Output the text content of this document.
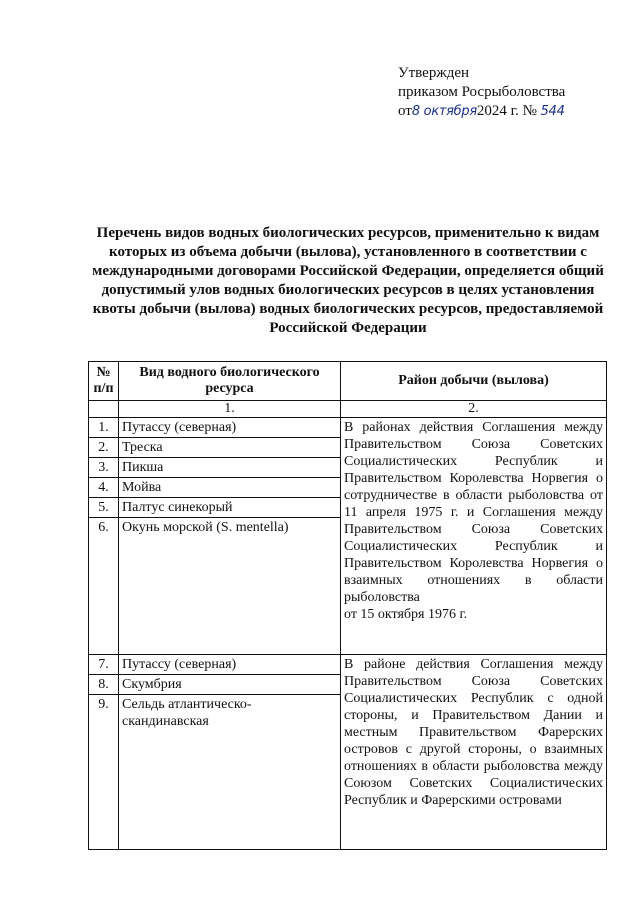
Утвержден
приказом Росрыболовства
от8 октября2024 г. № 544
Перечень видов водных биологических ресурсов, применительно к видам которых из объема добычи (вылова), установленного в соответствии с международными договорами Российской Федерации, определяется общий допустимый улов водных биологических ресурсов в целях установления квоты добычи (вылова) водных биологических ресурсов, предоставляемой Российской Федерации
№ п/п	Вид водного биологического ресурса	Район добычи (вылова)
	1.	2.
1.	Путассу (северная)	В районах действия Соглашения между Правительством Союза Советских Социалистических Республик и Правительством Королевства Норвегия о сотрудничестве в области рыболовства от 11 апреля 1975 г. и Соглашения между Правительством Союза Советских Социалистических Республик и Правительством Королевства Норвегия о взаимных отношениях в области рыболовства
от 15 октября 1976 г.

2.	Треска	
3.	Пикша	
4.	Мойва	
5.	Палтус синекорый	
6.	Окунь морской (S. mentella)	
7.	Путассу (северная)	В районе действия Соглашения между Правительством Союза Советских Социалистических Республик с одной стороны, и Правительством Дании и местным Правительством Фарерских островов с другой стороны, о взаимных отношениях в области рыболовства между Союзом Советских Социалистических Республик и Фарерскими островами
8.	Скумбрия	
9.	Сельдь атлантическо-скандинавская	
